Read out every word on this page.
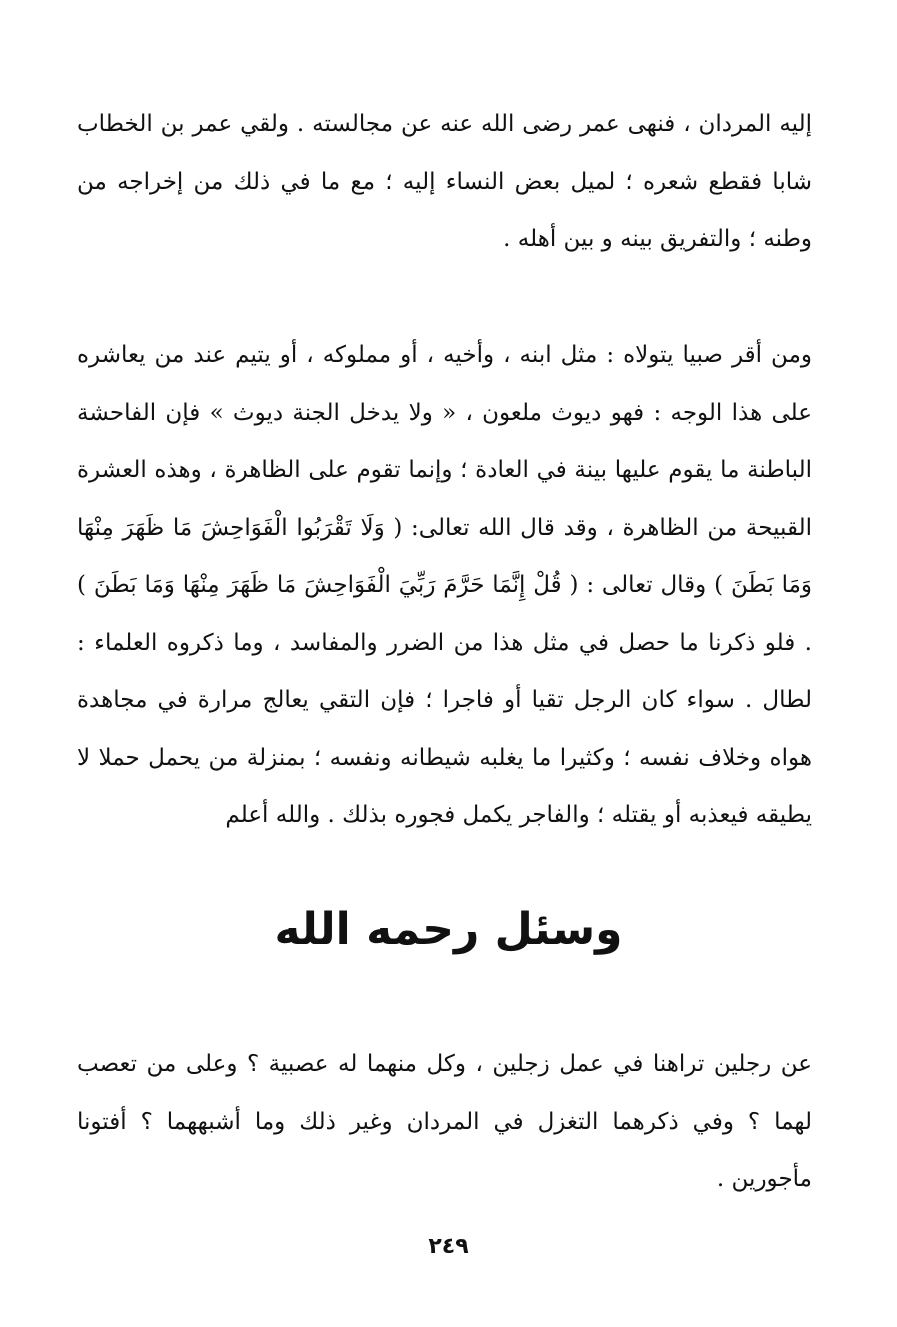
إليه المردان ، فنهى عمر رضى الله عنه عن مجالسته . ولقي عمر بن الخطاب شابا فقطع شعره ؛ لميل بعض النساء إليه ؛ مع ما في ذلك من إخراجه من وطنه ؛ والتفريق بينه و بين أهله .

ومن أقر صبيا يتولاه : مثل ابنه ، وأخيه ، أو مملوكه ، أو يتيم عند من يعاشره على هذا الوجه : فهو ديوث ملعون ، « ولا يدخل الجنة ديوث » فإن الفاحشة الباطنة ما يقوم عليها بينة في العادة ؛ وإنما تقوم على الظاهرة ، وهذه العشرة القبيحة من الظاهرة ، وقد قال الله تعالى: ( وَلَا تَقْرَبُوا الْفَوَاحِشَ مَا ظَهَرَ مِنْهَا وَمَا بَطَنَ ) وقال تعالى : ( قُلْ إِنَّمَا حَرَّمَ رَبِّيَ الْفَوَاحِشَ مَا ظَهَرَ مِنْهَا وَمَا بَطَنَ ) . فلو ذكرنا ما حصل في مثل هذا من الضرر والمفاسد ، وما ذكروه العلماء : لطال . سواء كان الرجل تقيا أو فاجرا ؛ فإن التقي يعالج مرارة في مجاهدة هواه وخلاف نفسه ؛ وكثيرا ما يغلبه شيطانه ونفسه ؛ بمنزلة من يحمل حملا لا يطيقه فيعذبه أو يقتله ؛ والفاجر يكمل فجوره بذلك . والله أعلم

وسئل رحمه الله

عن رجلين تراهنا في عمل زجلين ، وكل منهما له عصبية ؟ وعلى من تعصب لهما ؟ وفي ذكرهما التغزل في المردان وغير ذلك وما أشبههما ؟ أفتونا مأجورين .

٢٤٩
